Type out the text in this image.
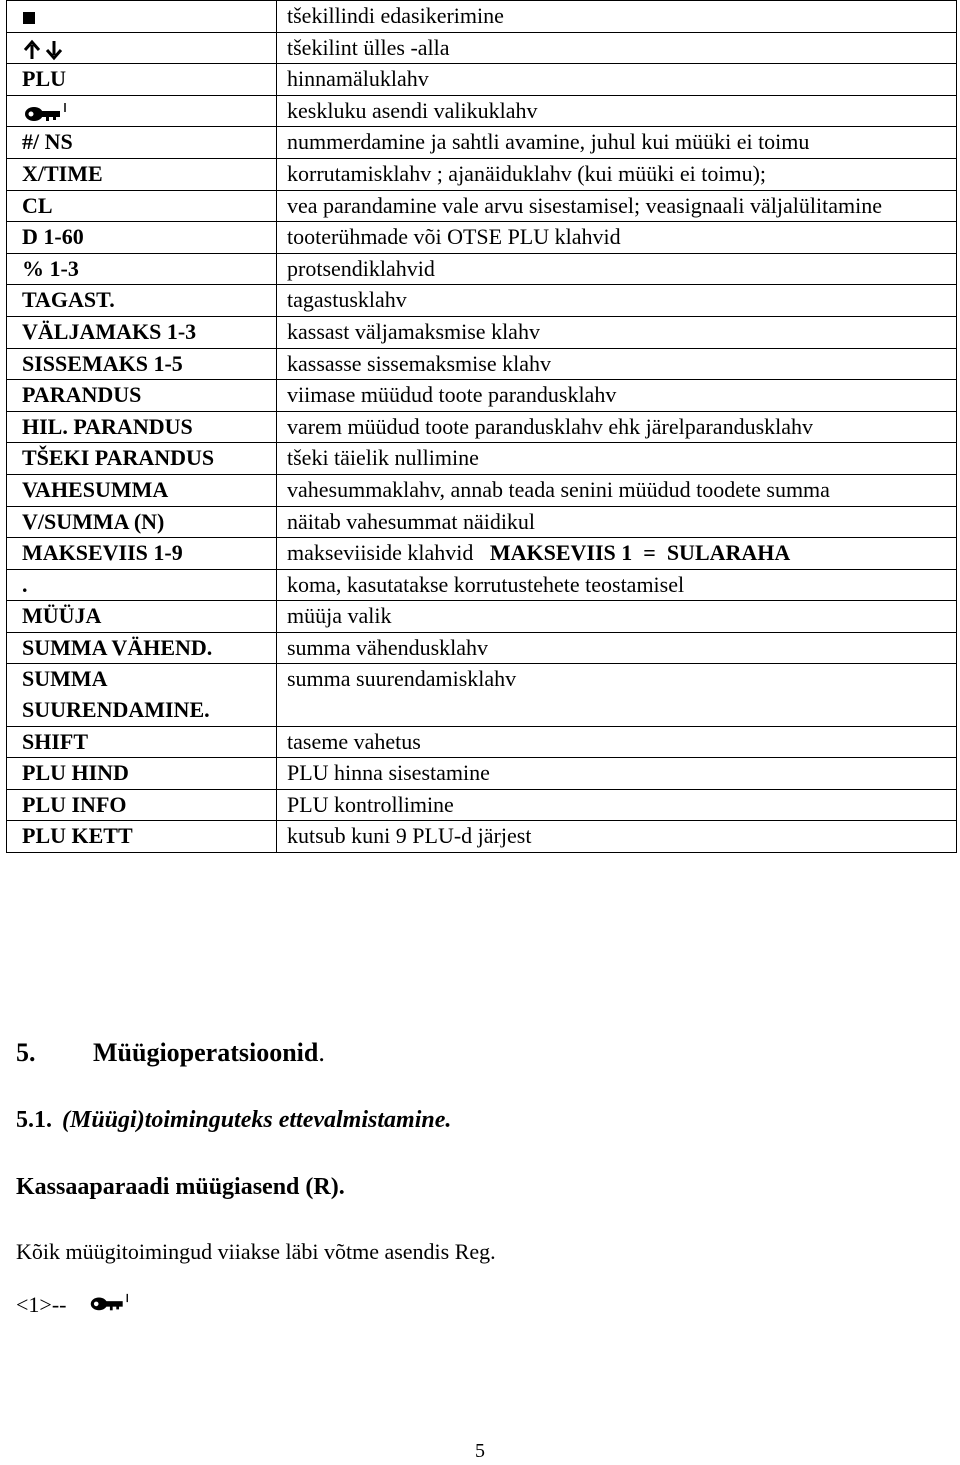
	tšekillindi edasikerimine
	tšekilint ülles -alla
PLU	hinnamäluklahv
	keskluku asendi valikuklahv
#/ NS	nummerdamine ja sahtli avamine, juhul kui müüki ei toimu
X/TIME	korrutamisklahv ; ajanäiduklahv (kui müüki ei toimu);
CL	vea parandamine vale arvu sisestamisel; veasignaali väljalülitamine
D 1-60	tooterühmade või OTSE PLU klahvid
% 1-3	protsendiklahvid
TAGAST.	tagastusklahv
VÄLJAMAKS 1-3	kassast väljamaksmise klahv
SISSEMAKS 1-5	kassasse sissemaksmise klahv
PARANDUS	viimase müüdud toote parandusklahv
HIL. PARANDUS	varem müüdud toote parandusklahv ehk järelparandusklahv
TŠEKI PARANDUS	tšeki täielik nullimine
VAHESUMMA	vahesummaklahv, annab teada senini müüdud toodete summa
V/SUMMA (N)	näitab vahesummat näidikul
MAKSEVIIS 1-9	makseviiside klahvid MAKSEVIIS 1  =  SULARAHA
.	koma, kasutatakse korrutustehete teostamisel
MÜÜJA	müüja valik
SUMMA VÄHEND.	summa vähendusklahv
SUMMA SUURENDAMINE.	summa suurendamisklahv
SHIFT	taseme vahetus
PLU HIND	PLU hinna sisestamine
PLU INFO	PLU kontrollimine
PLU KETT	kutsub kuni 9 PLU-d järjest
5. Müügioperatsioonid.
5.1. (Müügi)toiminguteks ettevalmistamine.

Kassaaparaadi müügiasend (R).

Kõik müügitoimingud viiakse läbi võtme asendis Reg.

<1>--

5
